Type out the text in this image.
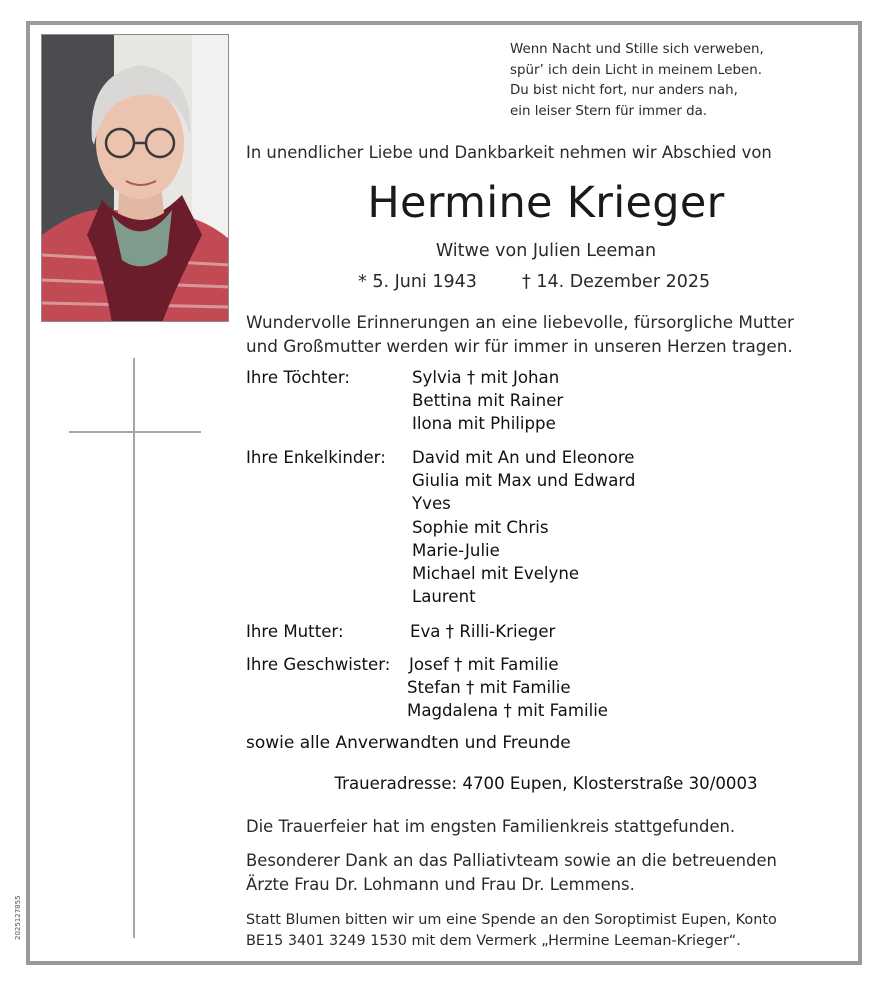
2025127855
Wenn Nacht und Stille sich verweben,
spür’ ich dein Licht in meinem Leben.
Du bist nicht fort, nur anders nah,
ein leiser Stern für immer da.
In unendlicher Liebe und Dankbarkeit nehmen wir Abschied von
Hermine Krieger
Witwe von Julien Leeman
* 5. Juni 1943	† 14. Dezember 2025
Wundervolle Erinnerungen an eine liebevolle, fürsorgliche Mutter
und Großmutter werden wir für immer in unseren Herzen tragen.
Ihre Töchter:	Sylvia † mit Johan
Bettina mit Rainer
Ilona mit Philippe
Ihre Enkelkinder: David mit An und Eleonore
Giulia mit Max und Edward
Yves
Sophie mit Chris
Marie-Julie
Michael mit Evelyne
Laurent
Ihre Mutter:	Eva † Rilli-Krieger
Ihre Geschwister: Josef † mit Familie
Stefan † mit Familie
Magdalena † mit Familie
sowie alle Anverwandten und Freunde
Traueradresse: 4700 Eupen, Klosterstraße 30/0003
Die Trauerfeier hat im engsten Familienkreis stattgefunden.
Besonderer Dank an das Palliativteam sowie an die betreuenden
Ärzte Frau Dr. Lohmann und Frau Dr. Lemmens.
Statt Blumen bitten wir um eine Spende an den Soroptimist Eupen, Konto
BE15 3401 3249 1530 mit dem Vermerk „Hermine Leeman-Krieger“.
